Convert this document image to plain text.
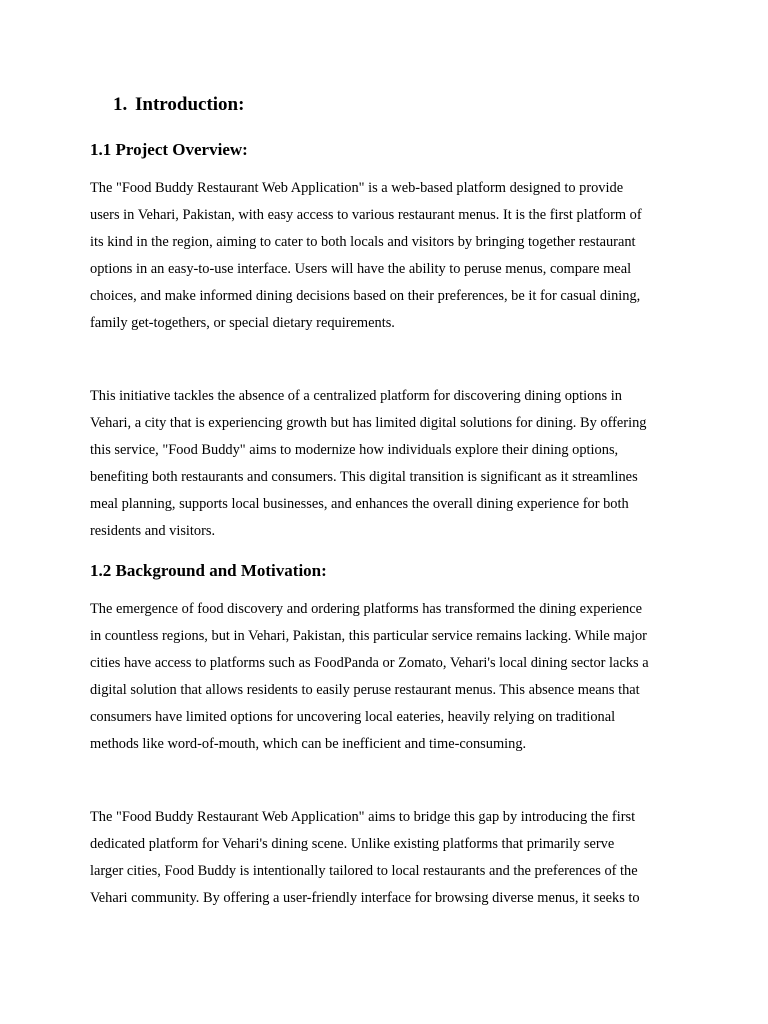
1. Introduction:
1.1 Project Overview:
The "Food Buddy Restaurant Web Application" is a web-based platform designed to provide
users in Vehari, Pakistan, with easy access to various restaurant menus. It is the first platform of
its kind in the region, aiming to cater to both locals and visitors by bringing together restaurant
options in an easy-to-use interface. Users will have the ability to peruse menus, compare meal
choices, and make informed dining decisions based on their preferences, be it for casual dining,
family get-togethers, or special dietary requirements.
This initiative tackles the absence of a centralized platform for discovering dining options in
Vehari, a city that is experiencing growth but has limited digital solutions for dining. By offering
this service, "Food Buddy" aims to modernize how individuals explore their dining options,
benefiting both restaurants and consumers. This digital transition is significant as it streamlines
meal planning, supports local businesses, and enhances the overall dining experience for both
residents and visitors.
1.2 Background and Motivation:
The emergence of food discovery and ordering platforms has transformed the dining experience
in countless regions, but in Vehari, Pakistan, this particular service remains lacking. While major
cities have access to platforms such as FoodPanda or Zomato, Vehari's local dining sector lacks a
digital solution that allows residents to easily peruse restaurant menus. This absence means that
consumers have limited options for uncovering local eateries, heavily relying on traditional
methods like word-of-mouth, which can be inefficient and time-consuming.
The "Food Buddy Restaurant Web Application" aims to bridge this gap by introducing the first
dedicated platform for Vehari's dining scene. Unlike existing platforms that primarily serve
larger cities, Food Buddy is intentionally tailored to local restaurants and the preferences of the
Vehari community. By offering a user-friendly interface for browsing diverse menus, it seeks to
